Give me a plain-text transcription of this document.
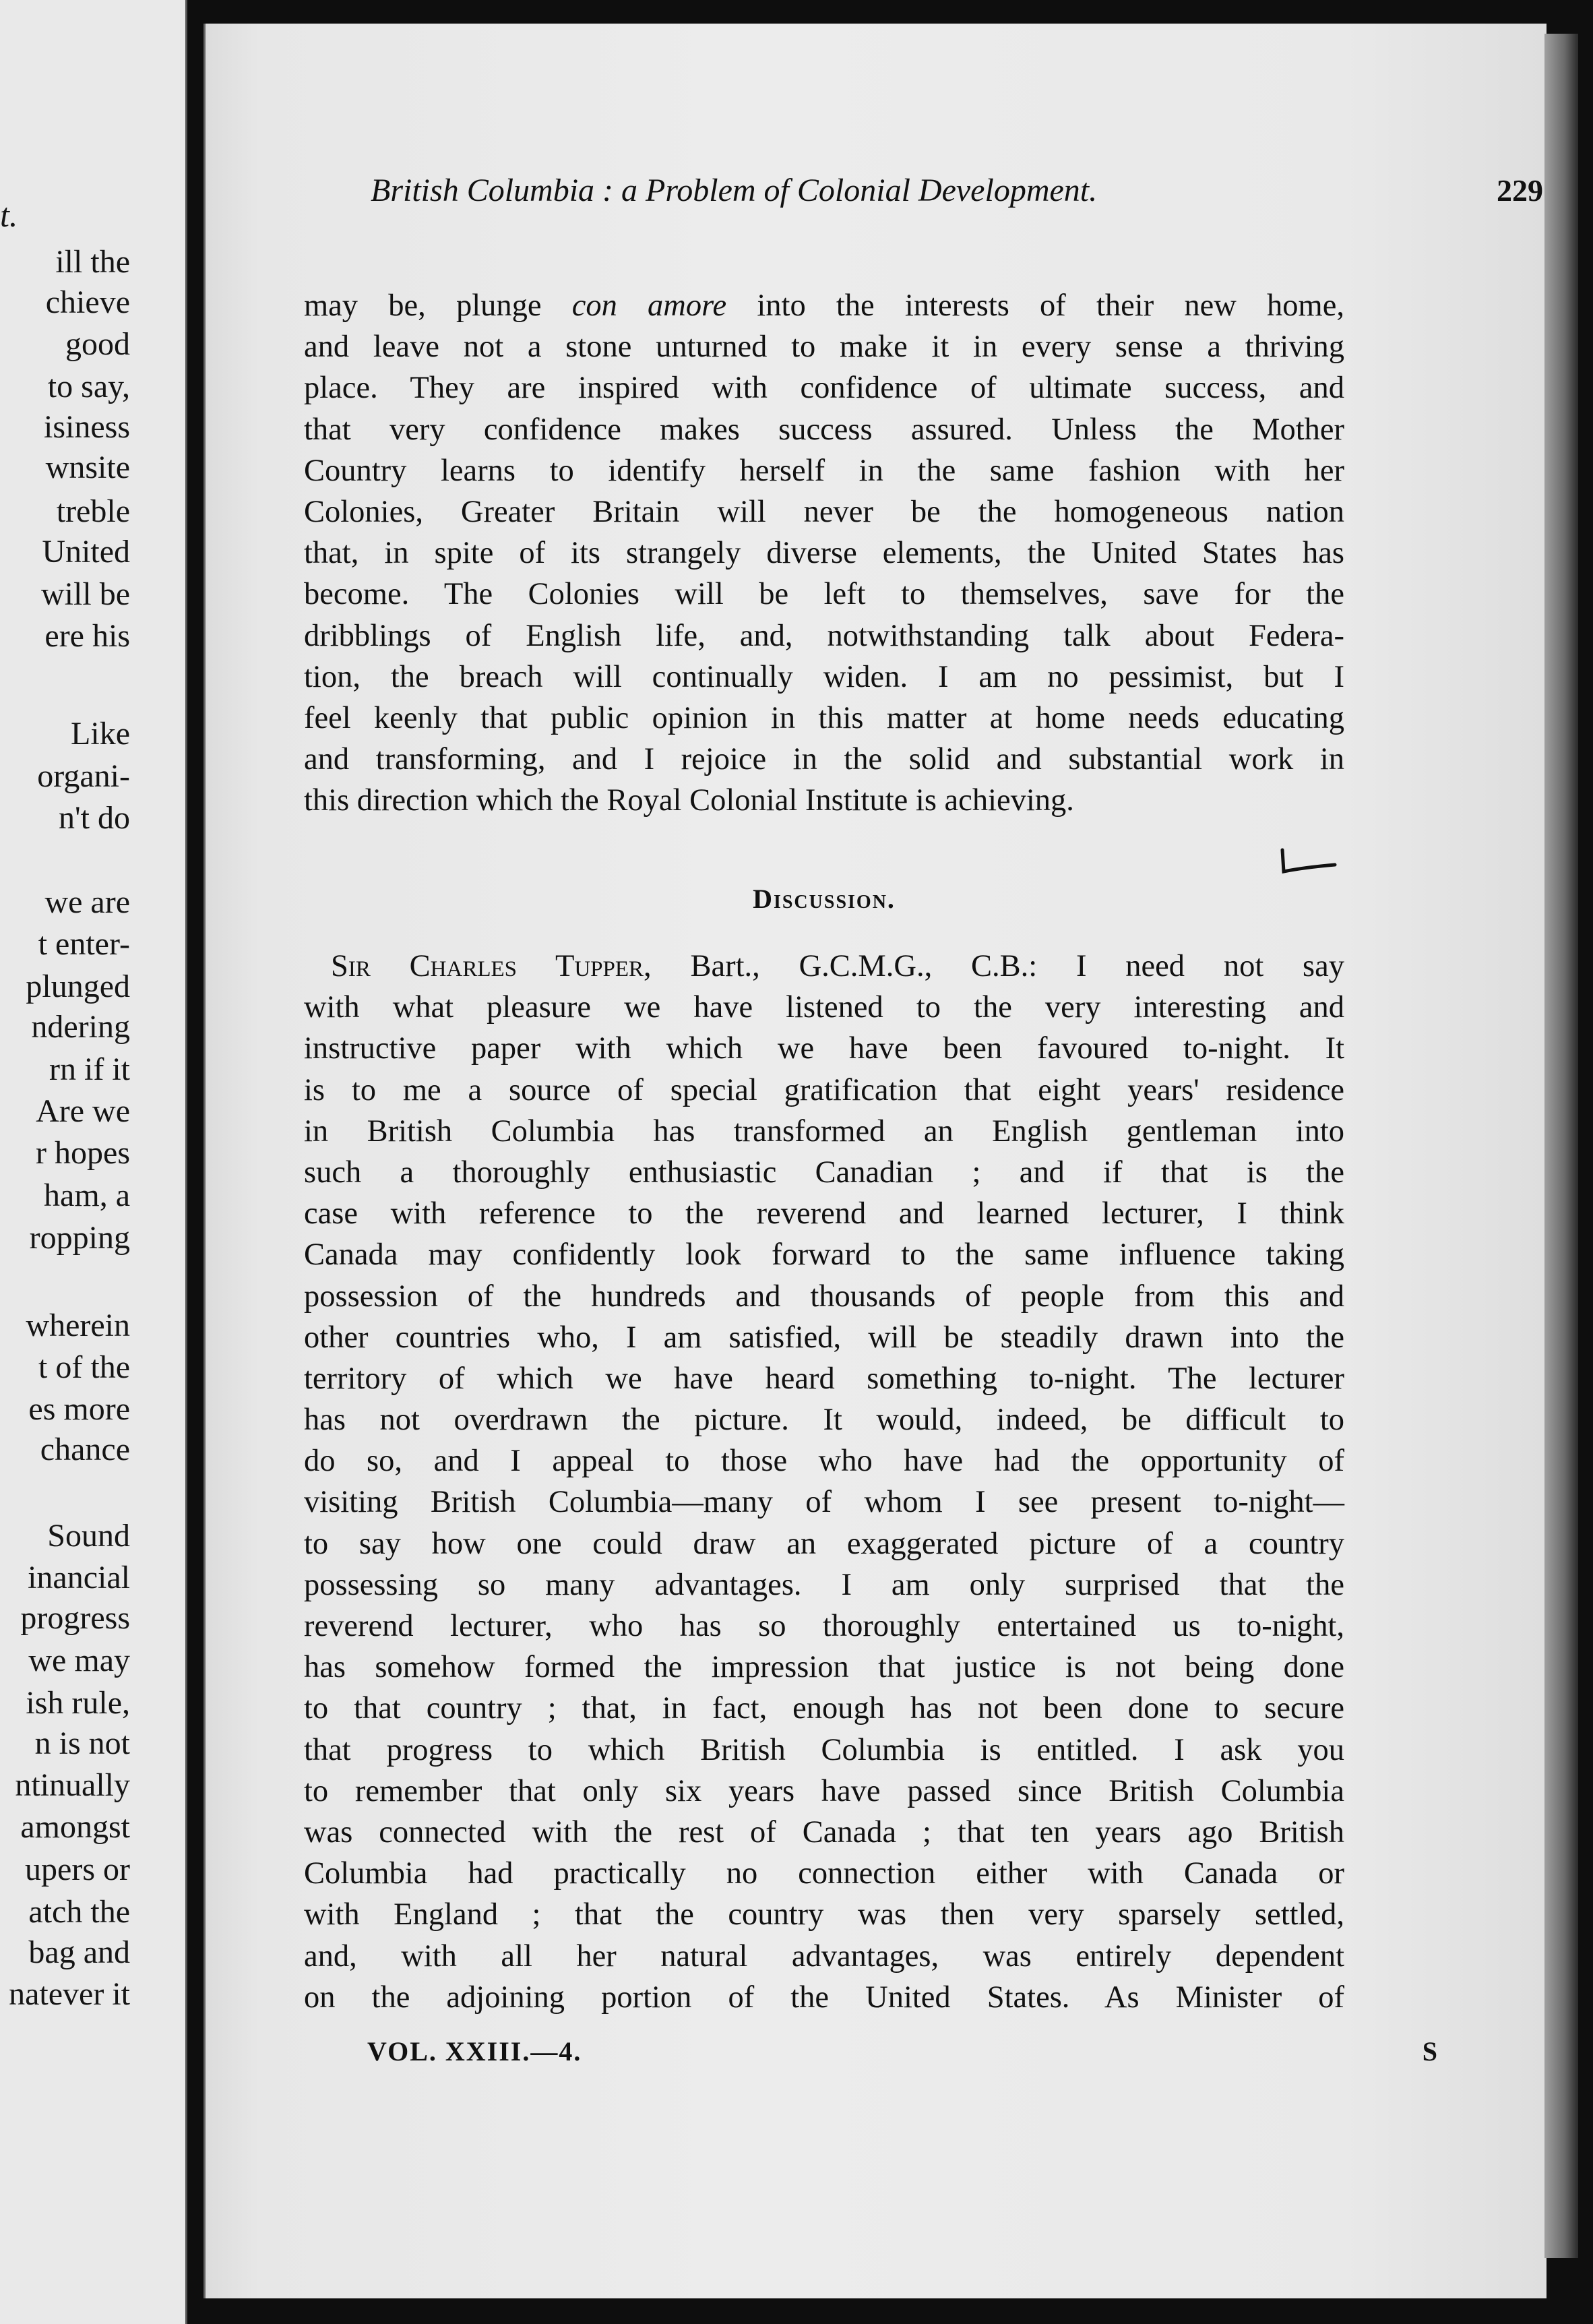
t.
ill the
chieve
good
to say,
isiness
wnsite
treble
United
will be
ere his
Like
organi-
n't do
we are
t enter-
plunged
ndering
rn if it
Are we
r hopes
ham, a
ropping
wherein
t of the
es more
chance
Sound
inancial
progress
we may
ish rule,
n is not
ntinually
amongst
upers or
atch the
bag and
natever it
British Columbia : a Problem of Colonial Development.	229
may be, plunge con amore into the interests of their new home,
and leave not a stone unturned to make it in every sense a thriving
place. They are inspired with confidence of ultimate success, and
that very confidence makes success assured. Unless the Mother
Country learns to identify herself in the same fashion with her
Colonies, Greater Britain will never be the homogeneous nation
that, in spite of its strangely diverse elements, the United States has
become. The Colonies will be left to themselves, save for the
dribblings of English life, and, notwithstanding talk about Federa-
tion, the breach will continually widen. I am no pessimist, but I
feel keenly that public opinion in this matter at home needs educating
and transforming, and I rejoice in the solid and substantial work in
this direction which the Royal Colonial Institute is achieving.
Discussion.
Sir Charles Tupper, Bart., G.C.M.G., C.B.: I need not say
with what pleasure we have listened to the very interesting and
instructive paper with which we have been favoured to-night. It
is to me a source of special gratification that eight years' residence
in British Columbia has transformed an English gentleman into
such a thoroughly enthusiastic Canadian ; and if that is the
case with reference to the reverend and learned lecturer, I think
Canada may confidently look forward to the same influence taking
possession of the hundreds and thousands of people from this and
other countries who, I am satisfied, will be steadily drawn into the
territory of which we have heard something to-night. The lecturer
has not overdrawn the picture. It would, indeed, be difficult to
do so, and I appeal to those who have had the opportunity of
visiting British Columbia—many of whom I see present to-night—
to say how one could draw an exaggerated picture of a country
possessing so many advantages. I am only surprised that the
reverend lecturer, who has so thoroughly entertained us to-night,
has somehow formed the impression that justice is not being done
to that country ; that, in fact, enough has not been done to secure
that progress to which British Columbia is entitled. I ask you
to remember that only six years have passed since British Columbia
was connected with the rest of Canada ; that ten years ago British
Columbia had practically no connection either with Canada or
with England ; that the country was then very sparsely settled,
and, with all her natural advantages, was entirely dependent
on the adjoining portion of the United States. As Minister of
VOL. XXIII.—4.	S
